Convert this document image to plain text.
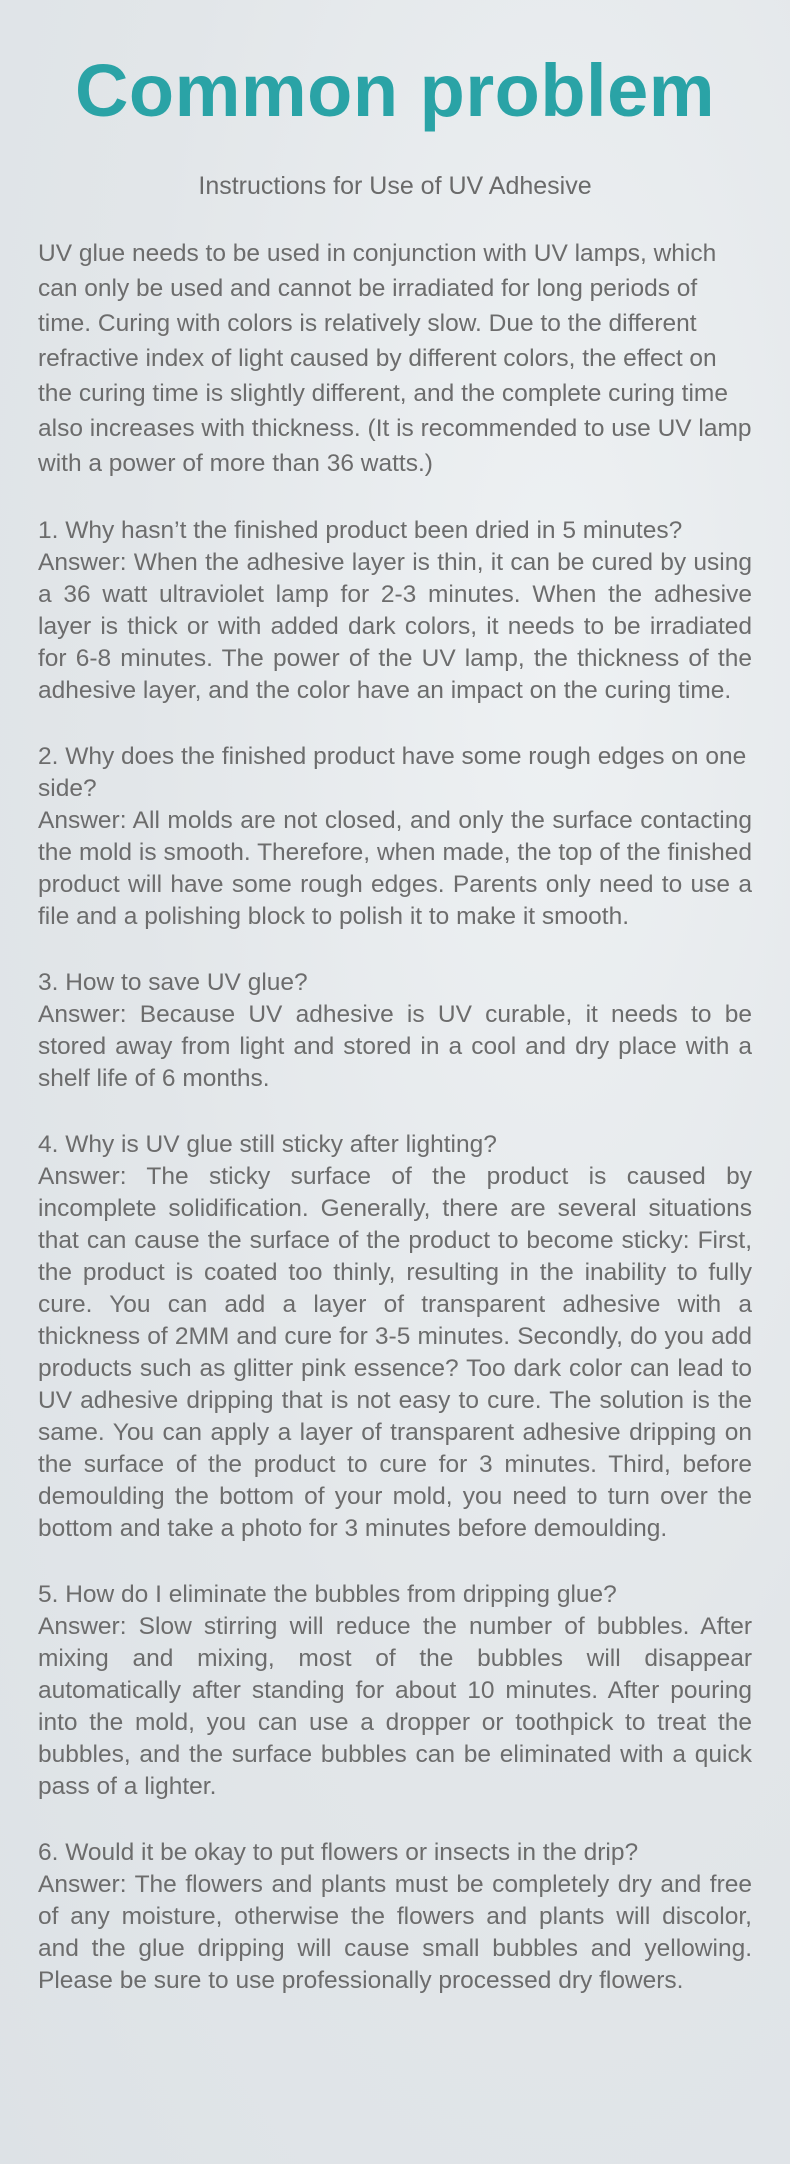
Common problem

Instructions for Use of UV Adhesive

UV glue needs to be used in conjunction with UV lamps, which can only be used and cannot be irradiated for long periods of time. Curing with colors is relatively slow. Due to the different refractive index of light caused by different colors, the effect on the curing time is slightly different, and the complete curing time also increases with thickness. (It is recommended to use UV lamp with a power of more than 36 watts.)

1. Why hasn’t the finished product been dried in 5 minutes?

Answer: When the adhesive layer is thin, it can be cured by using a 36 watt ultraviolet lamp for 2-3 minutes. When the adhesive layer is thick or with added dark colors, it needs to be irradiated for 6-8 minutes. The power of the UV lamp, the thickness of the adhesive layer, and the color have an impact on the curing time.

2. Why does the finished product have some rough edges on one side?

Answer: All molds are not closed, and only the surface contacting the mold is smooth. Therefore, when made, the top of the finished product will have some rough edges. Parents only need to use a file and a polishing block to polish it to make it smooth.

3. How to save UV glue?

Answer: Because UV adhesive is UV curable, it needs to be stored away from light and stored in a cool and dry place with a shelf life of 6 months.

4. Why is UV glue still sticky after lighting?

Answer: The sticky surface of the product is caused by incomplete solidification. Generally, there are several situations that can cause the surface of the product to become sticky: First, the product is coated too thinly, resulting in the inability to fully cure. You can add a layer of transparent adhesive with a thickness of 2MM and cure for 3-5 minutes. Secondly, do you add products such as glitter pink essence? Too dark color can lead to UV adhesive dripping that is not easy to cure. The solution is the same. You can apply a layer of transparent adhesive dripping on the surface of the product to cure for 3 minutes. Third, before demoulding the bottom of your mold, you need to turn over the bottom and take a photo for 3 minutes before demoulding.

5. How do I eliminate the bubbles from dripping glue?

Answer: Slow stirring will reduce the number of bubbles. After mixing and mixing, most of the bubbles will disappear automatically after standing for about 10 minutes. After pouring into the mold, you can use a dropper or toothpick to treat the bubbles, and the surface bubbles can be eliminated with a quick pass of a lighter.

6. Would it be okay to put flowers or insects in the drip?

Answer: The flowers and plants must be completely dry and free of any moisture, otherwise the flowers and plants will discolor, and the glue dripping will cause small bubbles and yellowing. Please be sure to use professionally processed dry flowers.
